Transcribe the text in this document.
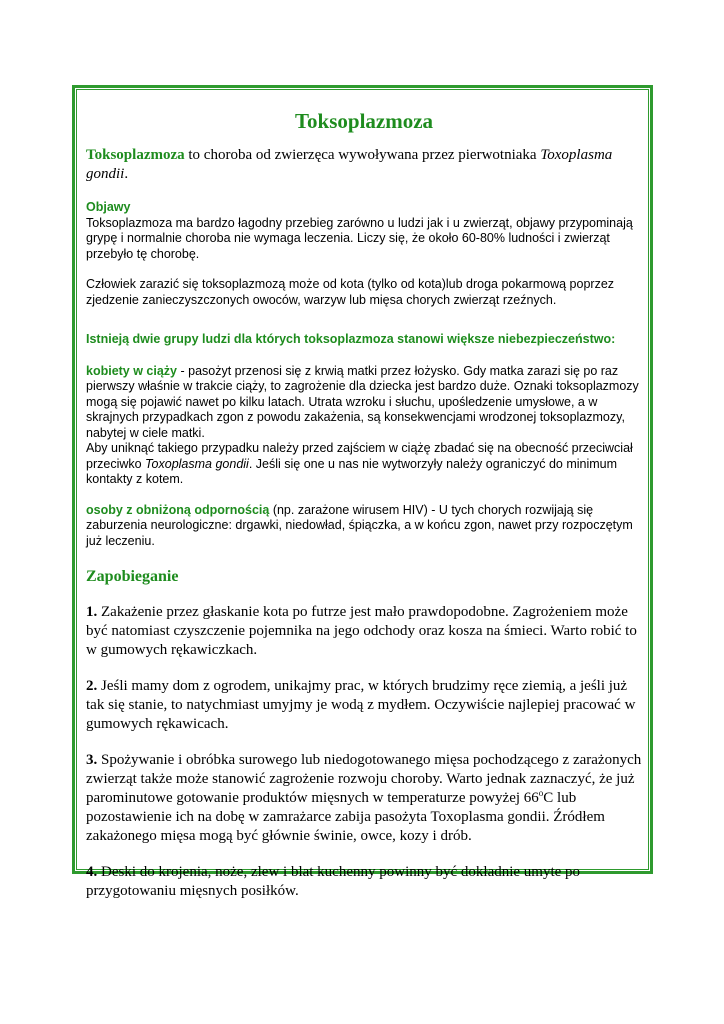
Toksoplazmoza

Toksoplazmoza to choroba od zwierzęca wywoływana przez pierwotniaka Toxoplasma gondii.

Objawy

Toksoplazmoza ma bardzo łagodny przebieg zarówno u ludzi jak i u zwierząt, objawy przypominają grypę i normalnie choroba nie wymaga leczenia. Liczy się, że około 60-80% ludności i zwierząt przebyło tę chorobę.

Człowiek zarazić się toksoplazmozą może od kota (tylko od kota)lub droga pokarmową poprzez zjedzenie zanieczyszczonych owoców, warzyw lub mięsa chorych zwierząt rzeźnych.

Istnieją dwie grupy ludzi dla których toksoplazmoza stanowi większe niebezpieczeństwo:

kobiety w ciąży - pasożyt przenosi się z krwią matki przez łożysko. Gdy matka zarazi się po raz pierwszy właśnie w trakcie ciąży, to zagrożenie dla dziecka jest bardzo duże. Oznaki toksoplazmozy mogą się pojawić nawet po kilku latach. Utrata wzroku i słuchu, upośledzenie umysłowe, a w skrajnych przypadkach zgon z powodu zakażenia, są konsekwencjami wrodzonej toksoplazmozy, nabytej w ciele matki.

Aby uniknąć takiego przypadku należy przed zajściem w ciążę zbadać się na obecność przeciwciał przeciwko Toxoplasma gondii. Jeśli się one u nas nie wytworzyły należy ograniczyć do minimum kontakty z kotem.

osoby z obniżoną odpornością (np. zarażone wirusem HIV) - U tych chorych rozwijają się zaburzenia neurologiczne: drgawki, niedowład, śpiączka, a w końcu zgon, nawet przy rozpoczętym już leczeniu.

Zapobieganie

1. Zakażenie przez głaskanie kota po futrze jest mało prawdopodobne. Zagrożeniem może być natomiast czyszczenie pojemnika na jego odchody oraz kosza na śmieci. Warto robić to w gumowych rękawiczkach.

2. Jeśli mamy dom z ogrodem, unikajmy prac, w których brudzimy ręce ziemią, a jeśli już tak się stanie, to natychmiast umyjmy je wodą z mydłem. Oczywiście najlepiej pracować w gumowych rękawicach.

3. Spożywanie i obróbka surowego lub niedogotowanego mięsa pochodzącego z zarażonych zwierząt także może stanowić zagrożenie rozwoju choroby. Warto jednak zaznaczyć, że już parominutowe gotowanie produktów mięsnych w temperaturze powyżej 66$^o$C lub pozostawienie ich na dobę w zamrażarce zabija pasożyta Toxoplasma gondii. Źródłem zakażonego mięsa mogą być głównie świnie, owce, kozy i drób.

4. Deski do krojenia, noże, zlew i blat kuchenny powinny być dokładnie umyte po przygotowaniu mięsnych posiłków.
